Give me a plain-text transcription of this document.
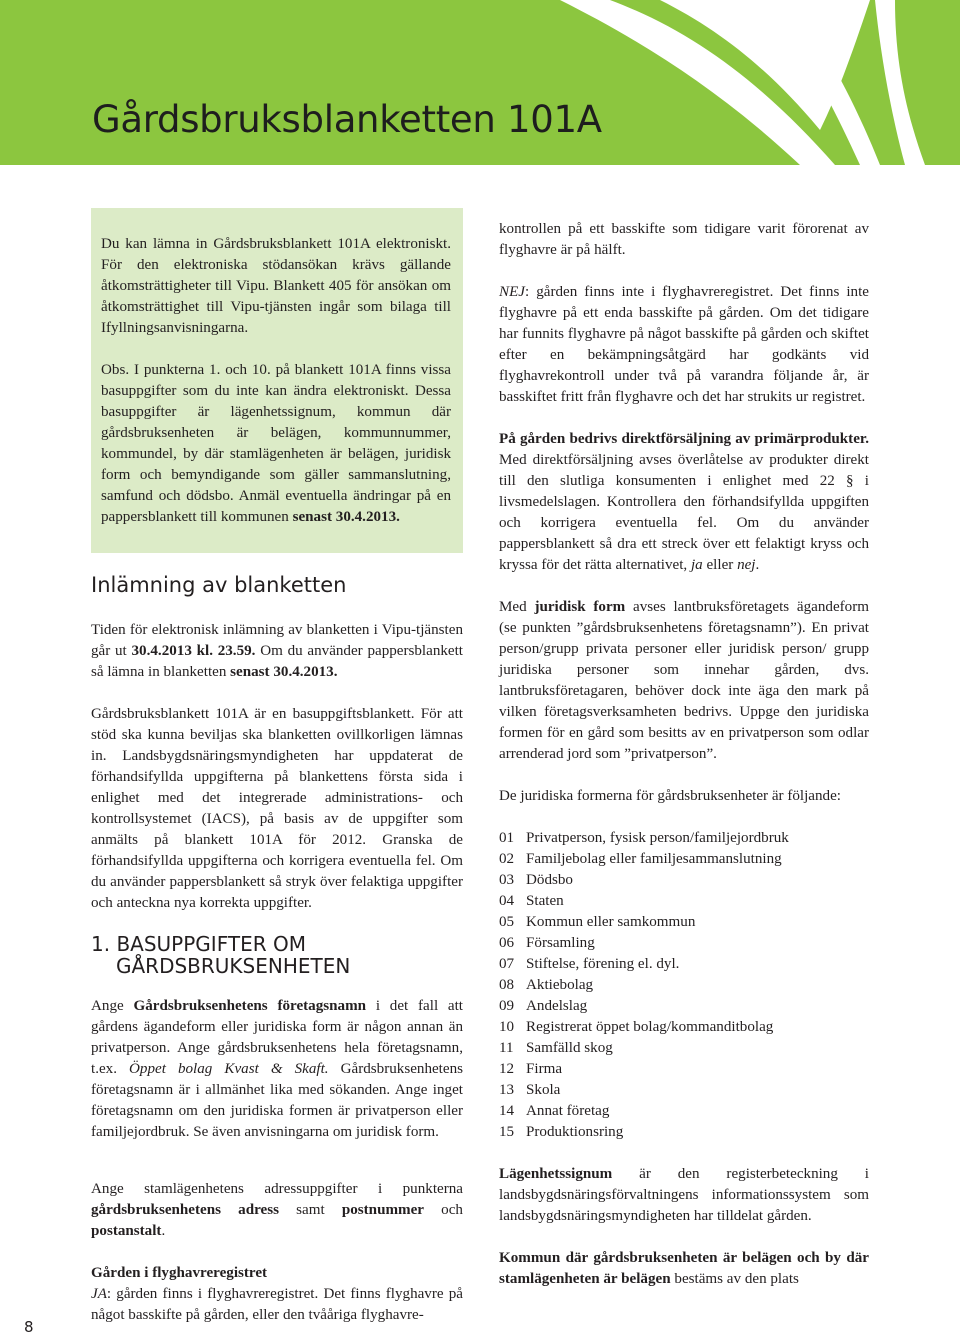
Gårdsbruksblanketten 101A

Du kan lämna in Gårdsbruksblankett 101A elektroniskt. För den elektroniska stödansökan krävs gällande åtkomsträttigheter till Vipu. Blankett 405 för ansökan om åtkomsträttighet till Vipu-tjänsten ingår som bilaga till Ifyllningsanvisningarna.

Obs. I punkterna 1. och 10. på blankett 101A finns vissa basuppgifter som du inte kan ändra elektroniskt. Dessa basuppgifter är lägenhetssignum, kommun där gårdsbruksenheten är belägen, kommunnummer, kommundel, by där stamlägenheten är belägen, juridisk form och bemyndigande som gäller sammanslutning, samfund och dödsbo. Anmäl eventuella ändringar på en pappersblankett till kommunen senast 30.4.2013.

Inlämning av blanketten

Tiden för elektronisk inlämning av blanketten i Vipu-tjänsten går ut 30.4.2013 kl. 23.59. Om du använder pappersblankett så lämna in blanketten senast 30.4.2013.

Gårdsbruksblankett 101A är en basuppgiftsblankett. För att stöd ska kunna beviljas ska blanketten ovillkorligen lämnas in. Landsbygdsnäringsmyndigheten har uppdaterat de förhandsifyllda uppgifterna på blankettens första sida i enlighet med det integrerade administrations- och kontrollsystemet (IACS), på basis av de uppgifter som anmälts på blankett 101A för 2012. Granska de förhandsifyllda uppgifterna och korrigera eventuella fel. Om du använder pappersblankett så stryk över felaktiga uppgifter och anteckna nya korrekta uppgifter.

1. BASUPPGIFTER OM
GÅRDSBRUKSENHETEN

Ange Gårdsbruksenhetens företagsnamn i det fall att gårdens ägandeform eller juridiska form är någon annan än privatperson. Ange gårdsbruksenhetens hela företagsnamn, t.ex. Öppet bolag Kvast & Skaft. Gårdsbruksenhetens företagsnamn är i allmänhet lika med sökanden. Ange inget företagsnamn om den juridiska formen är privatperson eller familjejordbruk. Se även anvisningarna om juridisk form.

Ange stamlägenhetens adressuppgifter i punkterna gårdsbruksenhetens adress samt postnummer och postanstalt.

Gården i flyghavreregistret
JA: gården finns i flyghavreregistret. Det finns flyghavre på något basskifte på gården, eller den tvååriga flyghavre-

kontrollen på ett basskifte som tidigare varit förorenat av flyghavre är på hälft.

NEJ: gården finns inte i flyghavreregistret. Det finns inte flyghavre på ett enda basskifte på gården. Om det tidigare har funnits flyghavre på något basskifte på gården och skiftet efter en bekämpningsåtgärd har godkänts vid flyghavrekontroll under två på varandra följande år, är basskiftet fritt från flyghavre och det har strukits ur registret.

På gården bedrivs direktförsäljning av primärprodukter. Med direktförsäljning avses överlåtelse av produkter direkt till den slutliga konsumenten i enlighet med 22 § i livsmedelslagen. Kontrollera den förhandsifyllda uppgiften och korrigera eventuella fel. Om du använder pappersblankett så dra ett streck över ett felaktigt kryss och kryssa för det rätta alternativet, ja eller nej.

Med juridisk form avses lantbruksföretagets ägandeform (se punkten ”gårdsbruksenhetens företagsnamn”). En privat person/grupp privata personer eller juridisk person/ grupp juridiska personer som innehar gården, dvs. lantbruksföretagaren, behöver dock inte äga den mark på vilken företagsverksamheten bedrivs. Uppge den juridiska formen för en gård som besitts av en privatperson som odlar arrenderad jord som ”privatperson”.

De juridiska formerna för gårdsbruksenheter är följande:

01 Privatperson, fysisk person/familjejordbruk
02 Familjebolag eller familjesammanslutning
03 Dödsbo
04 Staten
05 Kommun eller samkommun
06 Församling
07 Stiftelse, förening el. dyl.
08 Aktiebolag
09 Andelslag
10 Registrerat öppet bolag/kommanditbolag
11 Samfälld skog
12 Firma
13 Skola
14 Annat företag
15 Produktionsring

Lägenhetssignum är den registerbeteckning i landsbygdsnäringsförvaltningens informationssystem som landsbygdsnäringsmyndigheten har tilldelat gården.

Kommun där gårdsbruksenheten är belägen och by där stamlägenheten är belägen bestäms av den plats

8
